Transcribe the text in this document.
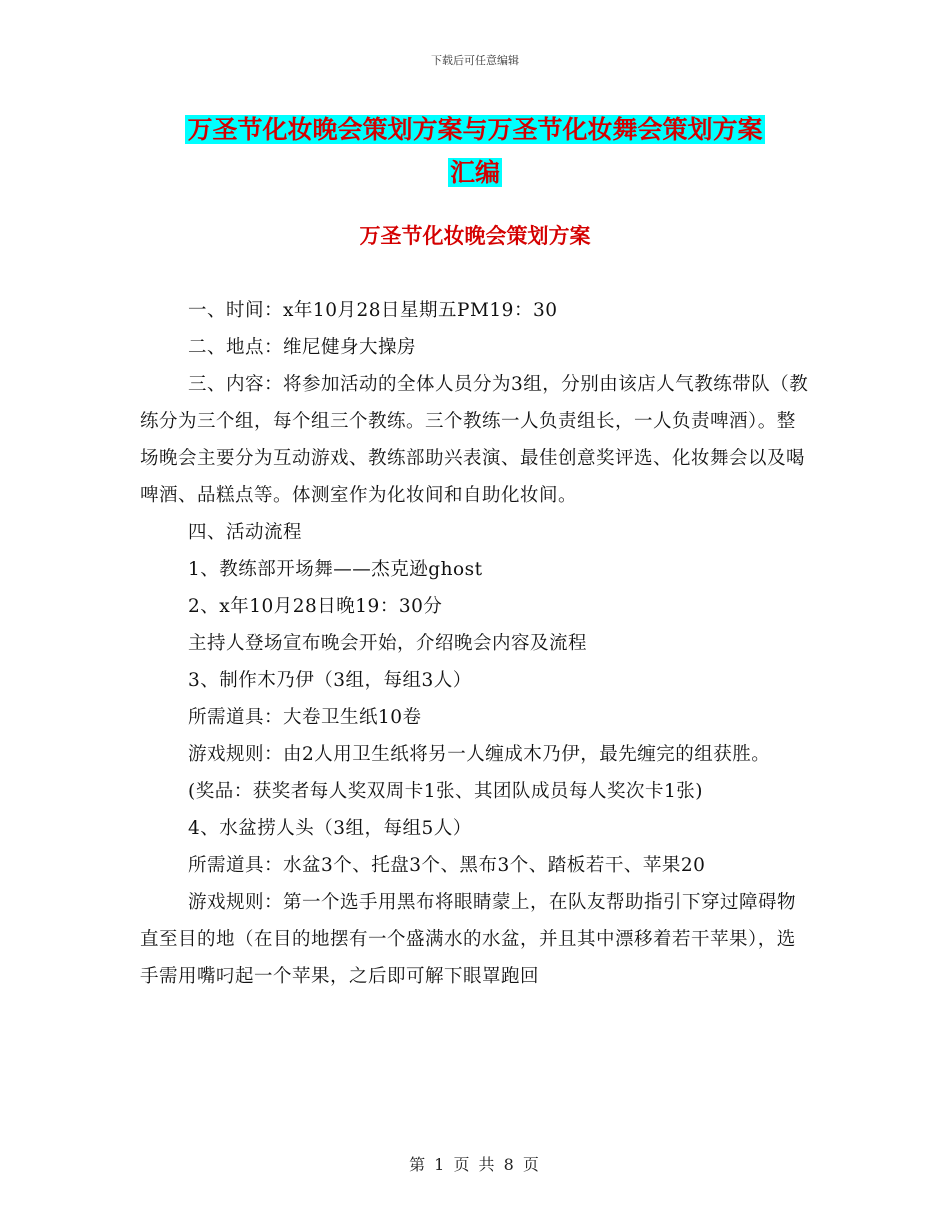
下载后可任意编辑
万圣节化妆晚会策划方案与万圣节化妆舞会策划方案
汇编
万圣节化妆晚会策划方案

一、时间：x年10月28日星期五PM19：30

二、地点：维尼健身大操房

三、内容：将参加活动的全体人员分为3组，分别由该店人气教练带队（教练分为三个组，每个组三个教练。三个教练一人负责组长，一人负责啤酒）。整场晚会主要分为互动游戏、教练部助兴表演、最佳创意奖评选、化妆舞会以及喝啤酒、品糕点等。体测室作为化妆间和自助化妆间。

四、活动流程

1、教练部开场舞——杰克逊ghost

2、x年10月28日晚19：30分

主持人登场宣布晚会开始，介绍晚会内容及流程

3、制作木乃伊（3组，每组3人）

所需道具：大卷卫生纸10卷

游戏规则：由2人用卫生纸将另一人缠成木乃伊，最先缠完的组获胜。

(奖品：获奖者每人奖双周卡1张、其团队成员每人奖次卡1张)

4、水盆捞人头（3组，每组5人）

所需道具：水盆3个、托盘3个、黑布3个、踏板若干、苹果20

游戏规则：第一个选手用黑布将眼睛蒙上，在队友帮助指引下穿过障碍物直至目的地（在目的地摆有一个盛满水的水盆，并且其中漂移着若干苹果），选手需用嘴叼起一个苹果，之后即可解下眼罩跑回

第 1 页 共 8 页
